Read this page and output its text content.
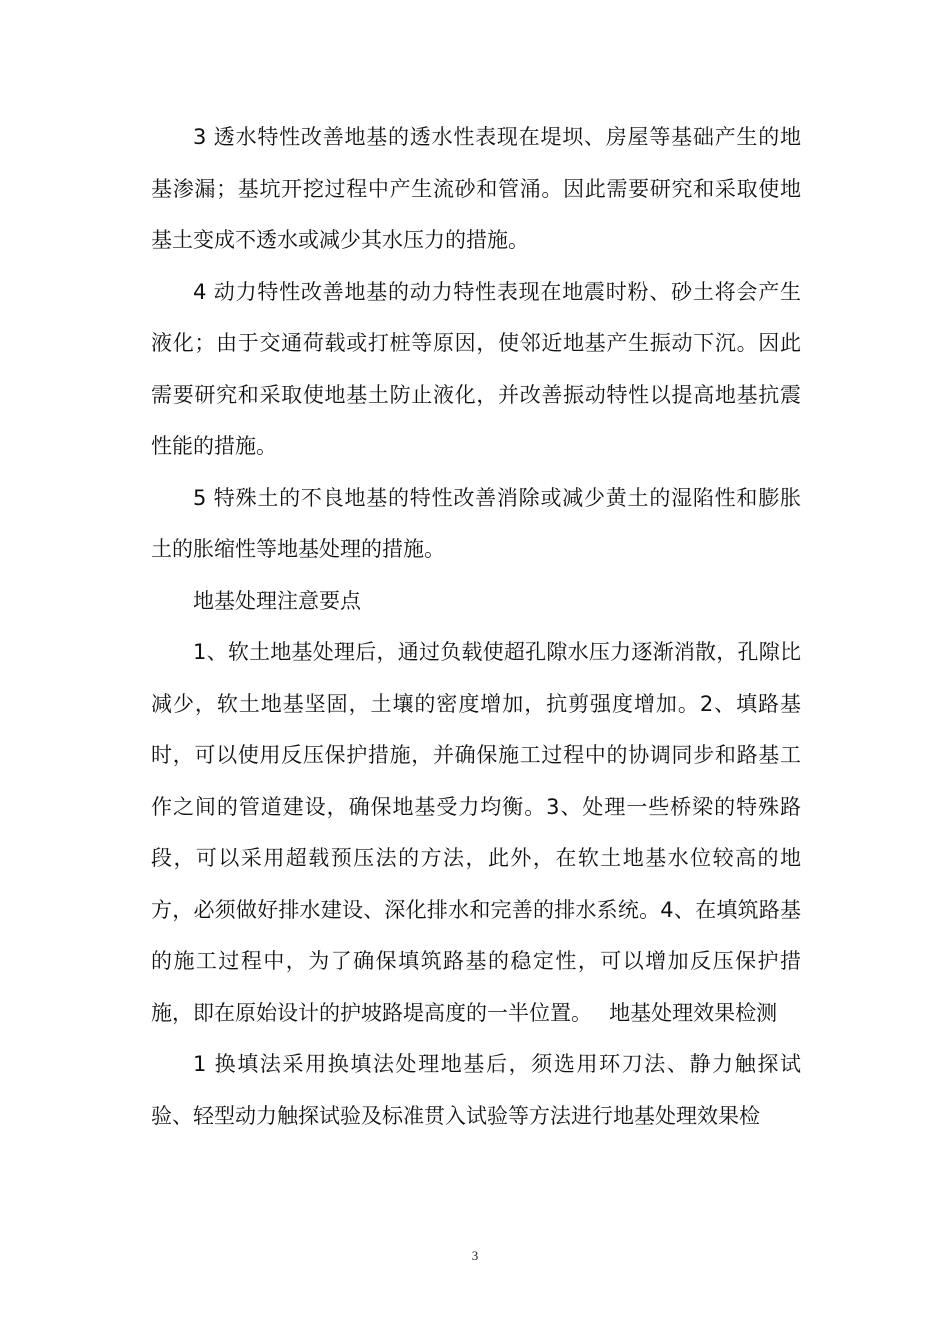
3 透水特性改善地基的透水性表现在堤坝、房屋等基础产生的地基渗漏；基坑开挖过程中产生流砂和管涌。因此需要研究和采取使地基土变成不透水或减少其水压力的措施。

4 动力特性改善地基的动力特性表现在地震时粉、砂土将会产生液化；由于交通荷载或打桩等原因，使邻近地基产生振动下沉。因此需要研究和采取使地基土防止液化，并改善振动特性以提高地基抗震性能的措施。

5 特殊土的不良地基的特性改善消除或减少黄土的湿陷性和膨胀土的胀缩性等地基处理的措施。

地基处理注意要点

1、软土地基处理后，通过负载使超孔隙水压力逐渐消散，孔隙比减少，软土地基坚固，土壤的密度增加，抗剪强度增加。2、填路基时，可以使用反压保护措施，并确保施工过程中的协调同步和路基工作之间的管道建设，确保地基受力均衡。3、处理一些桥梁的特殊路段，可以采用超载预压法的方法，此外，在软土地基水位较高的地方，必须做好排水建设、深化排水和完善的排水系统。4、在填筑路基的施工过程中，为了确保填筑路基的稳定性，可以增加反压保护措施，即在原始设计的护坡路堤高度的一半位置。　 地基处理效果检测

1 换填法采用换填法处理地基后，须选用环刀法、静力触探试验、轻型动力触探试验及标准贯入试验等方法进行地基处理效果检

3
